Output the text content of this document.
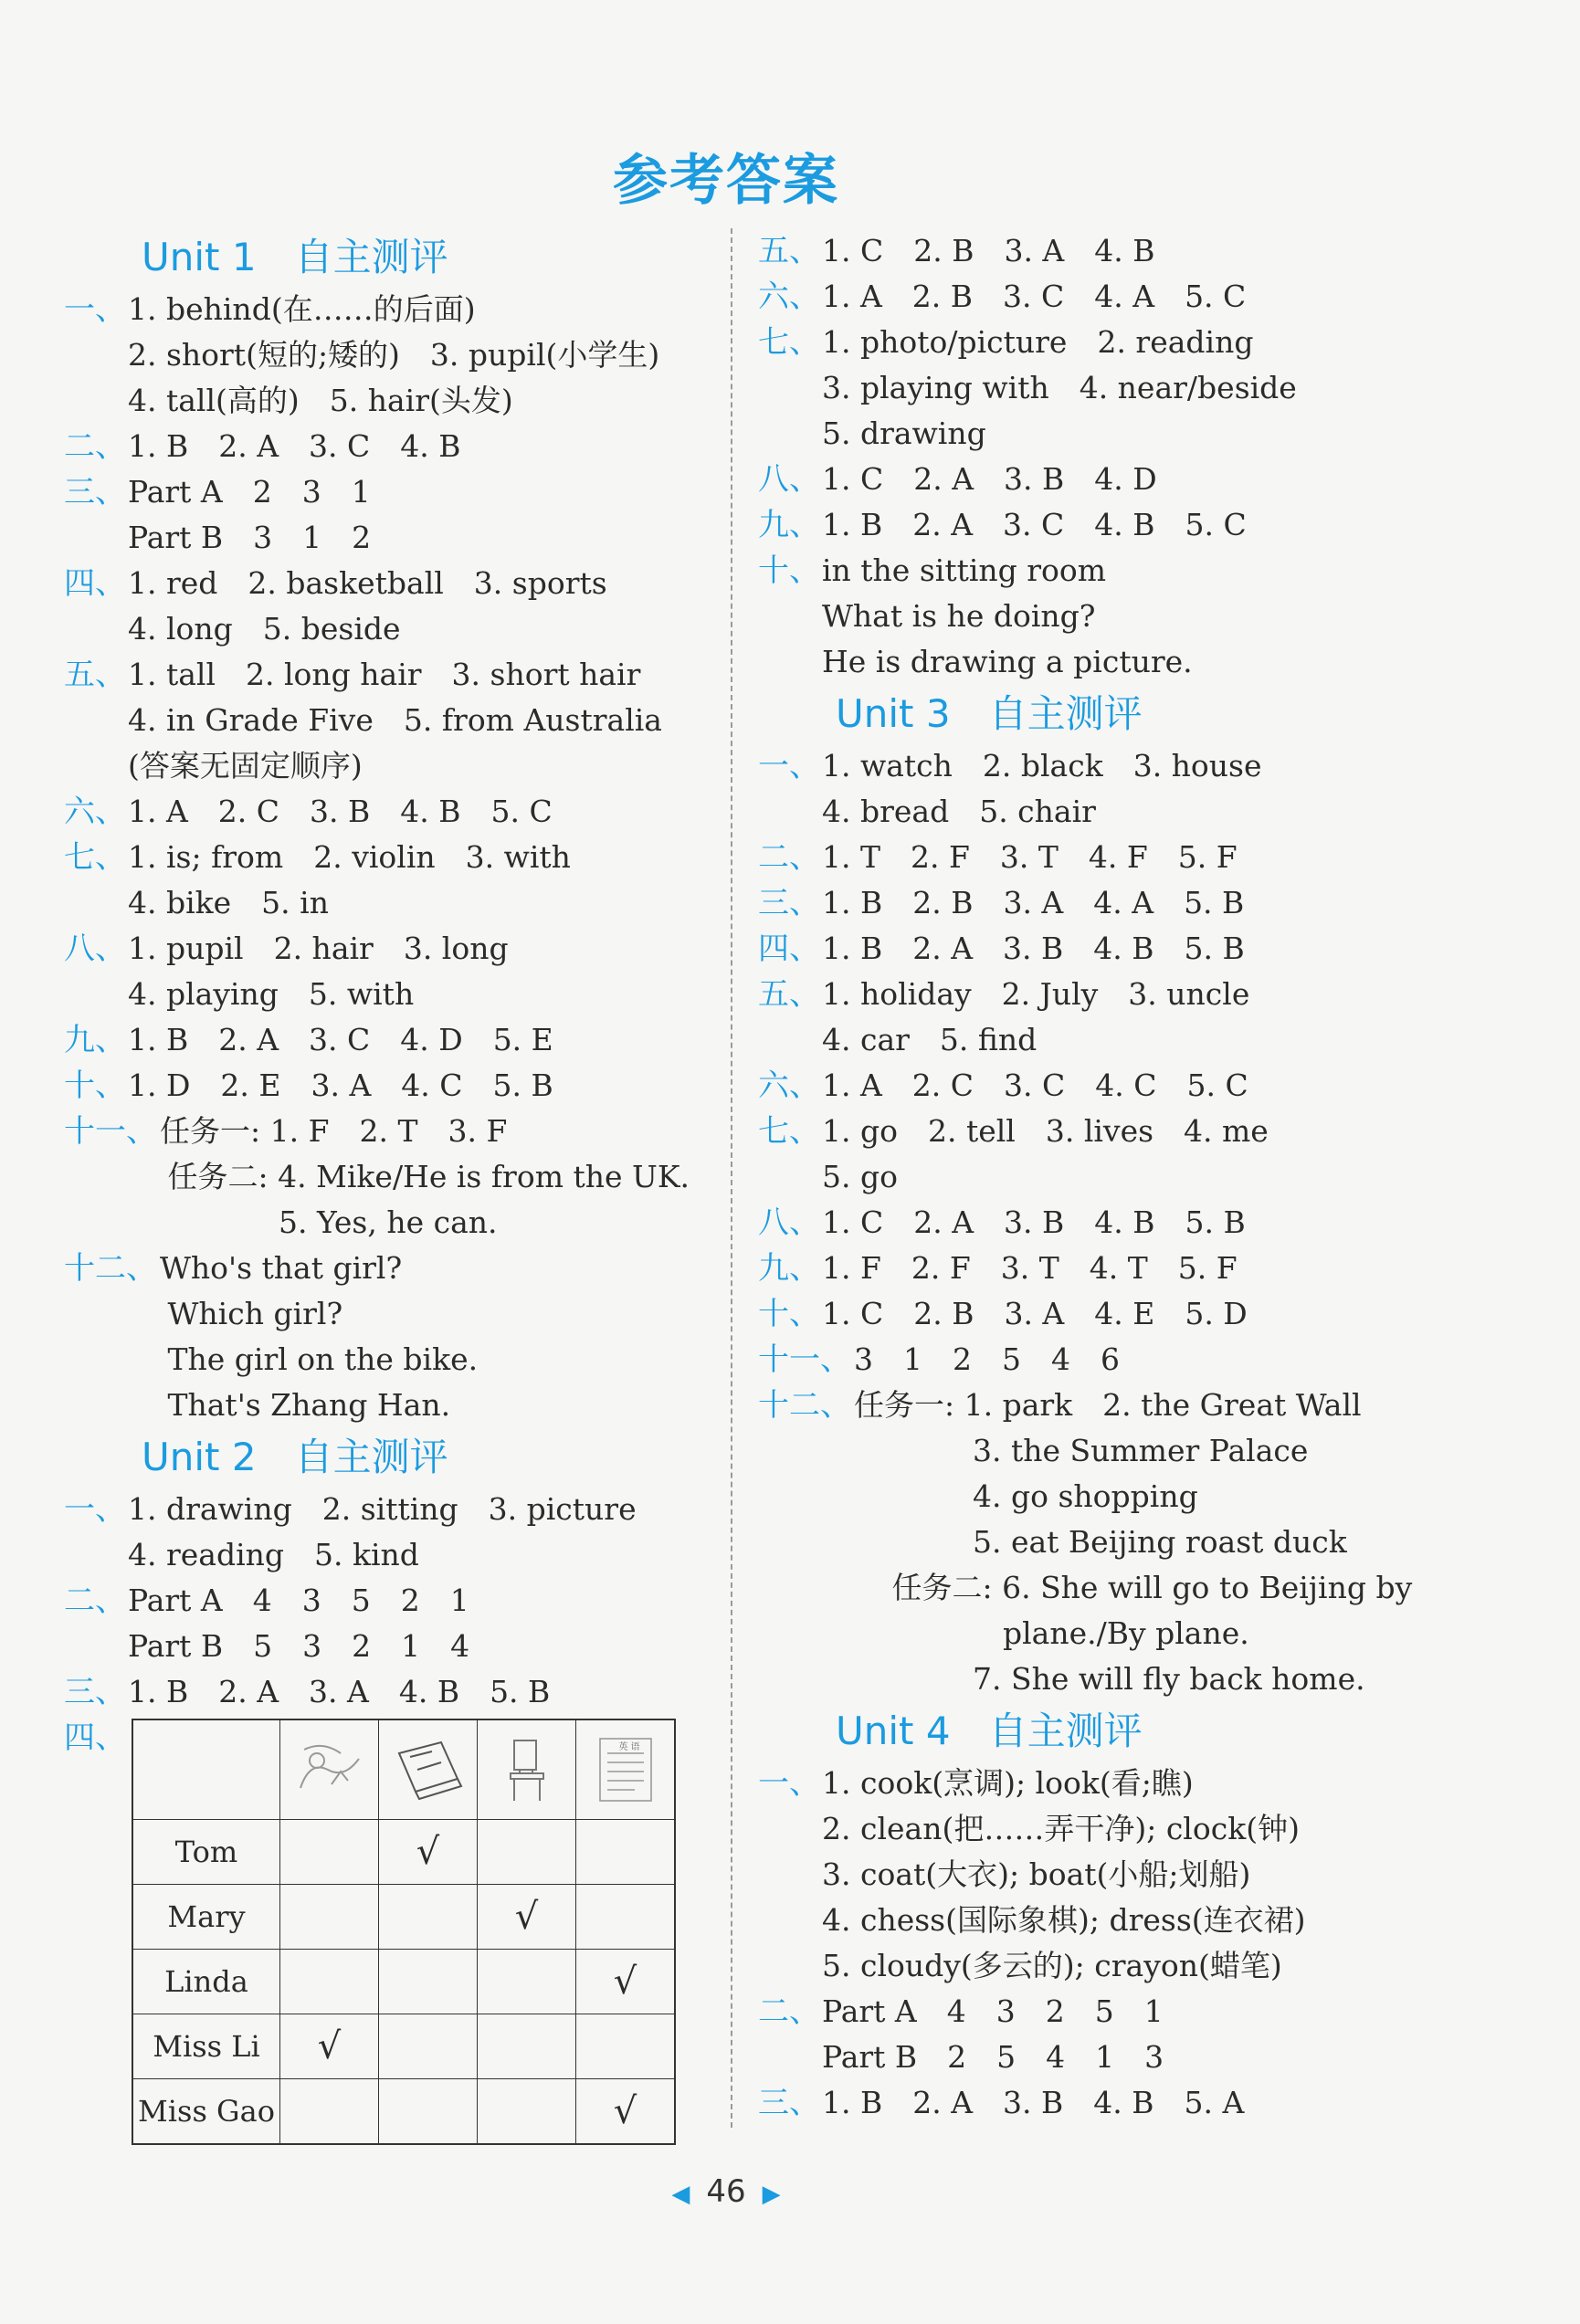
参考答案
Unit 1　自主测评
一、 1. behind(在……的后面)
2. short(短的;矮的)　3. pupil(小学生)
4. tall(高的)　5. hair(头发)
二、 1. B　2. A　3. C　4. B
三、 Part A　2　3　1
Part B　3　1　2
四、 1. red　2. basketball　3. sports
4. long　5. beside
五、 1. tall　2. long hair　3. short hair
4. in Grade Five　5. from Australia
(答案无固定顺序)
六、 1. A　2. C　3. B　4. B　5. C
七、 1. is; from　2. violin　3. with
4. bike　5. in
八、 1. pupil　2. hair　3. long
4. playing　5. with
九、 1. B　2. A　3. C　4. D　5. E
十、 1. D　2. E　3. A　4. C　5. B
十一、 任务一: 1. F　2. T　3. F
　 任务二: 4. Mike/He is from the UK.
　　　　　5. Yes, he can.
十二、 Who's that girl?
　 Which girl?
　 The girl on the bike.
　 That's Zhang Han.
Unit 2　自主测评
一、 1. drawing　2. sitting　3. picture
4. reading　5. kind
二、 Part A　4　3　5　2　1
Part B　5　3　2　1　4
三、 1. B　2. A　3. A　4. B　5. B
四、
					英 语

Tom		√		
Mary			√	
Linda				√
Miss Li	√			
Miss Gao				√
五、 1. C　2. B　3. A　4. B
六、 1. A　2. B　3. C　4. A　5. C
七、 1. photo/picture　2. reading
3. playing with　4. near/beside
5. drawing
八、 1. C　2. A　3. B　4. D
九、 1. B　2. A　3. C　4. B　5. C
十、 in the sitting room
What is he doing?
He is drawing a picture.
Unit 3　自主测评
一、 1. watch　2. black　3. house
4. bread　5. chair
二、 1. T　2. F　3. T　4. F　5. F
三、 1. B　2. B　3. A　4. A　5. B
四、 1. B　2. A　3. B　4. B　5. B
五、 1. holiday　2. July　3. uncle
4. car　5. find
六、 1. A　2. C　3. C　4. C　5. C
七、 1. go　2. tell　3. lives　4. me
5. go
八、 1. C　2. A　3. B　4. B　5. B
九、 1. F　2. F　3. T　4. T　5. F
十、 1. C　2. B　3. A　4. E　5. D
十一、 3　1　2　5　4　6
十二、 任务一: 1. park　2. the Great Wall
　　　　　3. the Summer Palace
　　　　　4. go shopping
　　　　　5. eat Beijing roast duck
　　 任务二: 6. She will go to Beijing by
　　　　　　plane./By plane.
　　　　　7. She will fly back home.
Unit 4　自主测评
一、 1. cook(烹调); look(看;瞧)
2. clean(把……弄干净); clock(钟)
3. coat(大衣); boat(小船;划船)
4. chess(国际象棋); dress(连衣裙)
5. cloudy(多云的); crayon(蜡笔)
二、 Part A　4　3　2　5　1
Part B　2　5　4　1　3
三、 1. B　2. A　3. B　4. B　5. A
◀ 46 ▶
